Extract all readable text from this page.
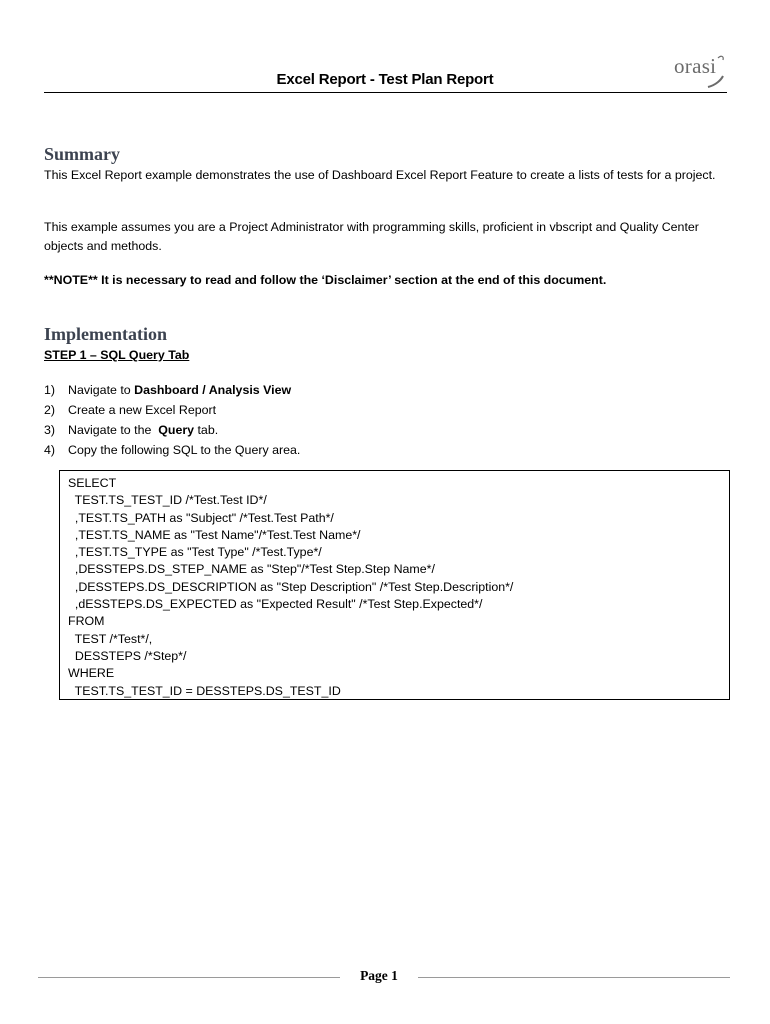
Excel Report - Test Plan Report
orasi
Summary
This Excel Report example demonstrates the use of Dashboard Excel Report Feature to create a lists of tests for a project.
This example assumes you are a Project Administrator with programming skills, proficient in vbscript and Quality Center objects and methods.
**NOTE** It is necessary to read and follow the ‘Disclaimer’ section at the end of this document.
Implementation
STEP 1 – SQL Query Tab
1) Navigate to Dashboard / Analysis View
2) Create a new Excel Report
3) Navigate to the  Query tab.
4) Copy the following SQL to the Query area.
SELECT
TEST.TS_TEST_ID /*Test.Test ID*/
,TEST.TS_PATH as "Subject" /*Test.Test Path*/
,TEST.TS_NAME as "Test Name"/*Test.Test Name*/
,TEST.TS_TYPE as "Test Type" /*Test.Type*/
,DESSTEPS.DS_STEP_NAME as "Step"/*Test Step.Step Name*/
,DESSTEPS.DS_DESCRIPTION as "Step Description" /*Test Step.Description*/
,dESSTEPS.DS_EXPECTED as "Expected Result" /*Test Step.Expected*/
FROM
TEST /*Test*/,
DESSTEPS /*Step*/
WHERE
TEST.TS_TEST_ID = DESSTEPS.DS_TEST_ID
Page 1
